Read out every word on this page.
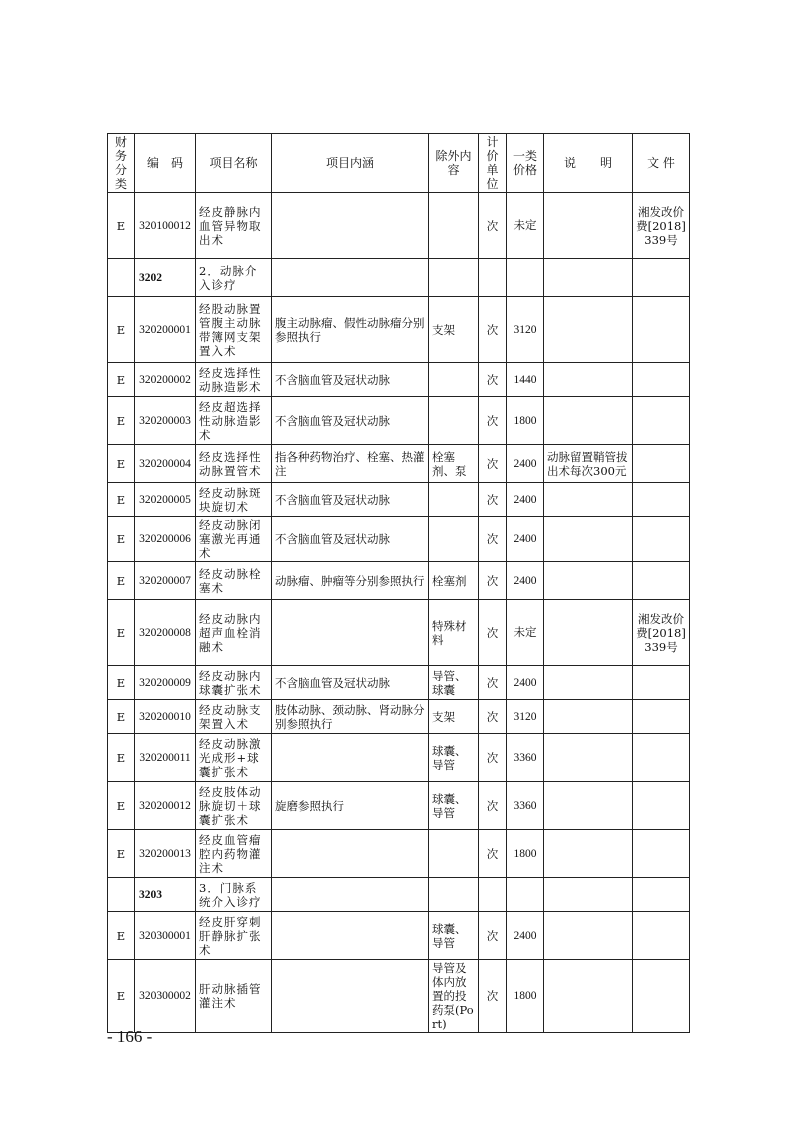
财务分类	编　码	项目名称	项目内涵	除外内容	计价单位	一类价格	说　　明	文 件
E	320100012	经皮静脉内血管异物取出术			次	未定		湘发改价费[2018]339号
	3202	2．动脉介入诊疗						
E	320200001	经股动脉置管腹主动脉带簿网支架置入术	腹主动脉瘤、假性动脉瘤分别参照执行	支架	次	3120		
E	320200002	经皮选择性动脉造影术	不含脑血管及冠状动脉		次	1440		
E	320200003	经皮超选择性动脉造影术	不含脑血管及冠状动脉		次	1800		
E	320200004	经皮选择性动脉置管术	指各种药物治疗、栓塞、热灌注	栓塞剂、泵	次	2400	动脉留置鞘管拔出术每次300元	
E	320200005	经皮动脉斑块旋切术	不含脑血管及冠状动脉		次	2400		
E	320200006	经皮动脉闭塞激光再通术	不含脑血管及冠状动脉		次	2400		
E	320200007	经皮动脉栓塞术	动脉瘤、肿瘤等分别参照执行	栓塞剂	次	2400		
E	320200008	经皮动脉内超声血栓消融术		特殊材料	次	未定		湘发改价费[2018]339号
E	320200009	经皮动脉内球囊扩张术	不含脑血管及冠状动脉	导管、球囊	次	2400		
E	320200010	经皮动脉支架置入术	肢体动脉、颈动脉、肾动脉分别参照执行	支架	次	3120		
E	320200011	经皮动脉激光成形+球囊扩张术		球囊、导管	次	3360		
E	320200012	经皮肢体动脉旋切＋球囊扩张术	旋磨参照执行	球囊、导管	次	3360		
E	320200013	经皮血管瘤腔内药物灌注术			次	1800		
	3203	3．门脉系统介入诊疗						
E	320300001	经皮肝穿刺肝静脉扩张术		球囊、导管	次	2400		
E	320300002	肝动脉插管灌注术		导管及体内放置的投药泵(Port)	次	1800		
- 166 -
